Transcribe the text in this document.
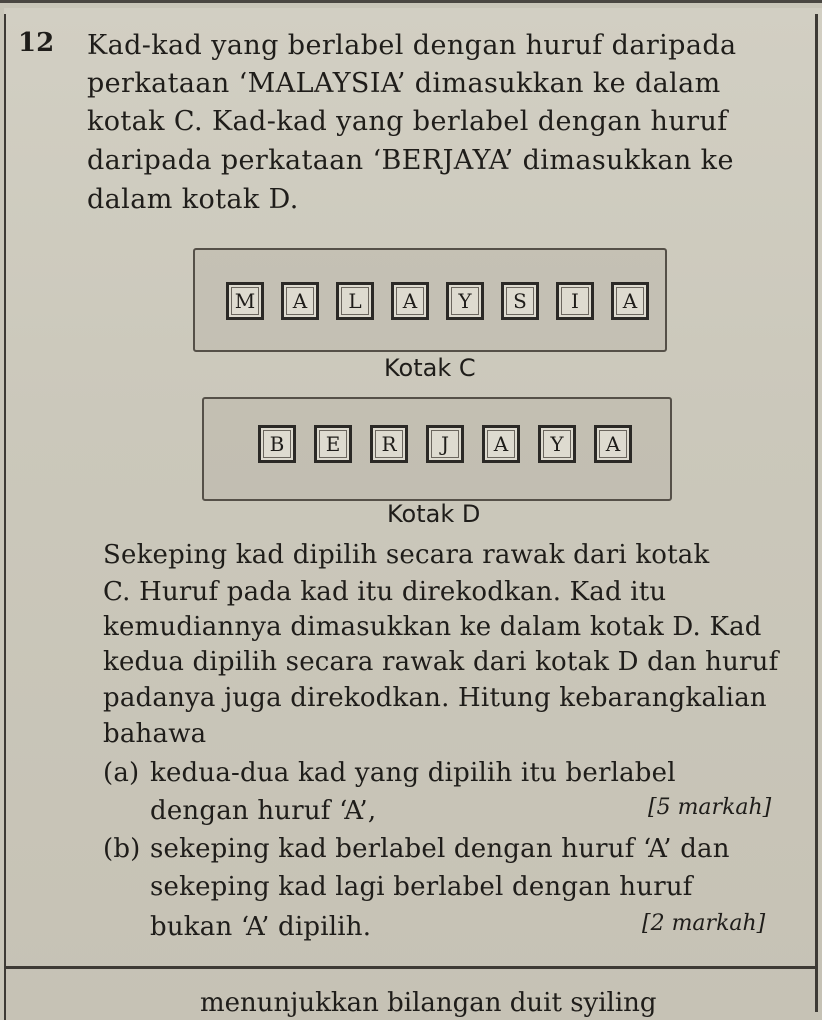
12 Kad-kad yang berlabel dengan huruf daripada
perkataan ‘MALAYSIA’ dimasukkan ke dalam
kotak C. Kad-kad yang berlabel dengan huruf
daripada perkataan ‘BERJAYA’ dimasukkan ke
dalam kotak D.
M	A	L	A	Y	S	I	A
Kotak C
B	E	R	J	A	Y	A
Kotak D
Sekeping kad dipilih secara rawak dari kotak
C. Huruf pada kad itu direkodkan. Kad itu
kemudiannya dimasukkan ke dalam kotak D. Kad
kedua dipilih secara rawak dari kotak D dan huruf
padanya juga direkodkan. Hitung kebarangkalian
bahawa
(a) kedua-dua kad yang dipilih itu berlabel
dengan huruf ‘A’,	[5 markah]
(b) sekeping kad berlabel dengan huruf ‘A’ dan
sekeping kad lagi berlabel dengan huruf
bukan ‘A’ dipilih.	[2 markah]
menunjukkan bilangan duit syiling
